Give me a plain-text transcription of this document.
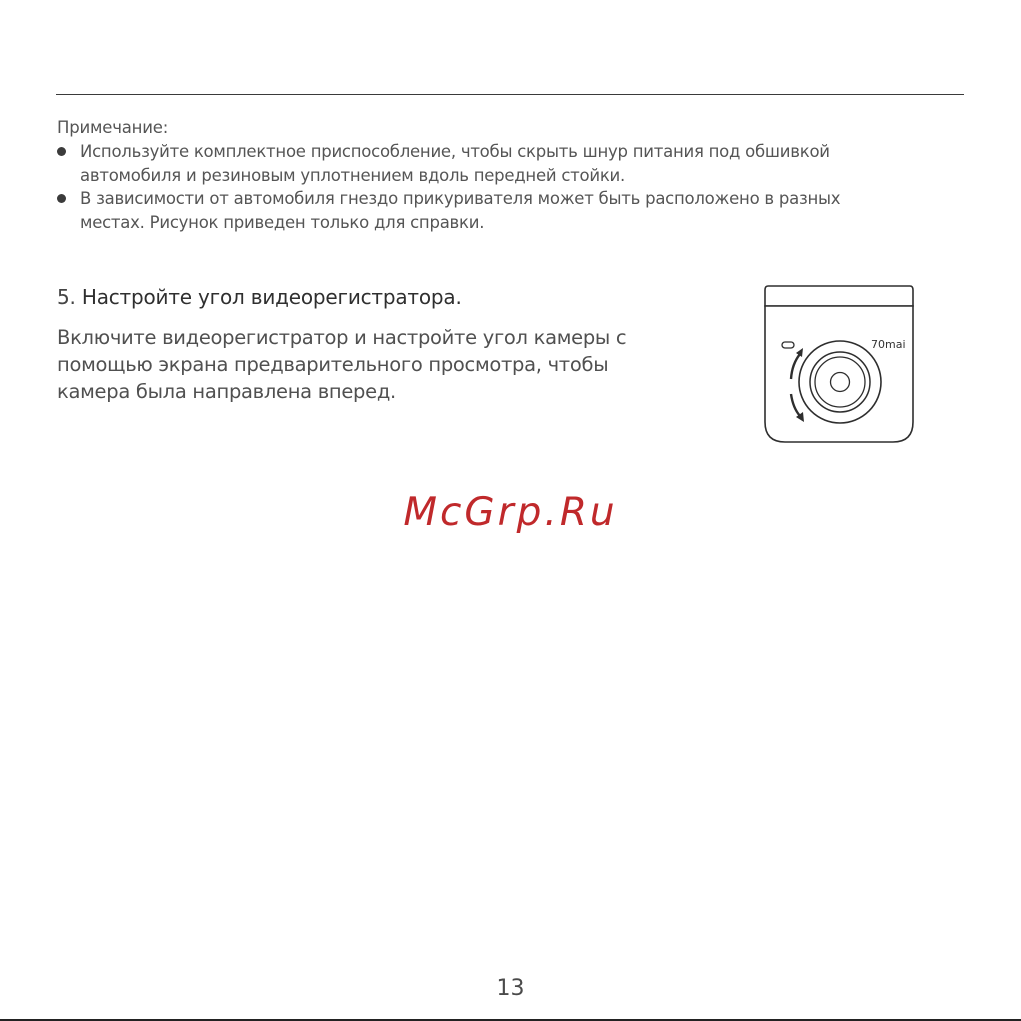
Примечание:
Используйте комплектное приспособление, чтобы скрыть шнур питания под обшивкой
автомобиля и резиновым уплотнением вдоль передней стойки.
В зависимости от автомобиля гнездо прикуривателя может быть расположено в разных
местах. Рисунок приведен только для справки.
5. Настройте угол видеорегистратора.
Включите видеорегистратор и настройте угол камеры с
помощью экрана предварительного просмотра, чтобы
камера была направлена вперед.
70mai
McGrp.Ru
13
